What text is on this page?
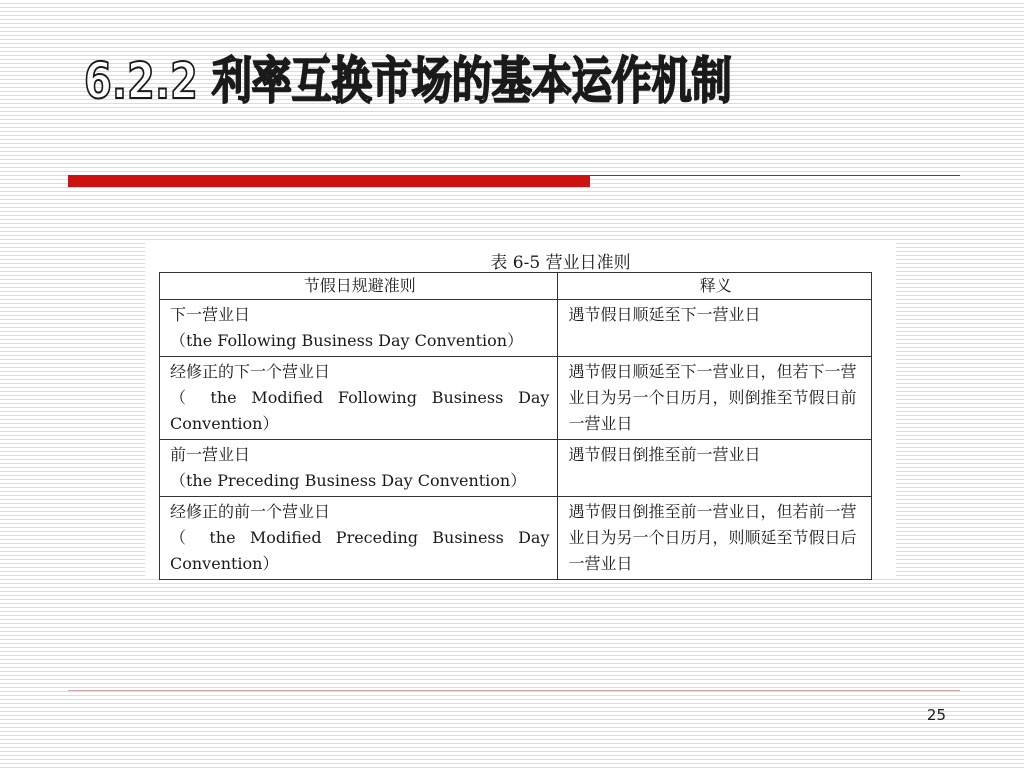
6.2.2 利率互换市场的基本运作机制
表 6-5 营业日准则
节假日规避准则	释义

下一营业日
（the Following Business Day Convention）	遇节假日顺延至下一营业日

经修正的下一个营业日
（ the Modified Following Business Day Convention）	遇节假日顺延至下一营业日，但若下一营业日为另一个日历月，则倒推至节假日前一营业日

前一营业日
（the Preceding Business Day Convention）	遇节假日倒推至前一营业日

经修正的前一个营业日
（ the Modified Preceding Business Day Convention）	遇节假日倒推至前一营业日，但若前一营业日为另一个日历月，则顺延至节假日后一营业日
25
